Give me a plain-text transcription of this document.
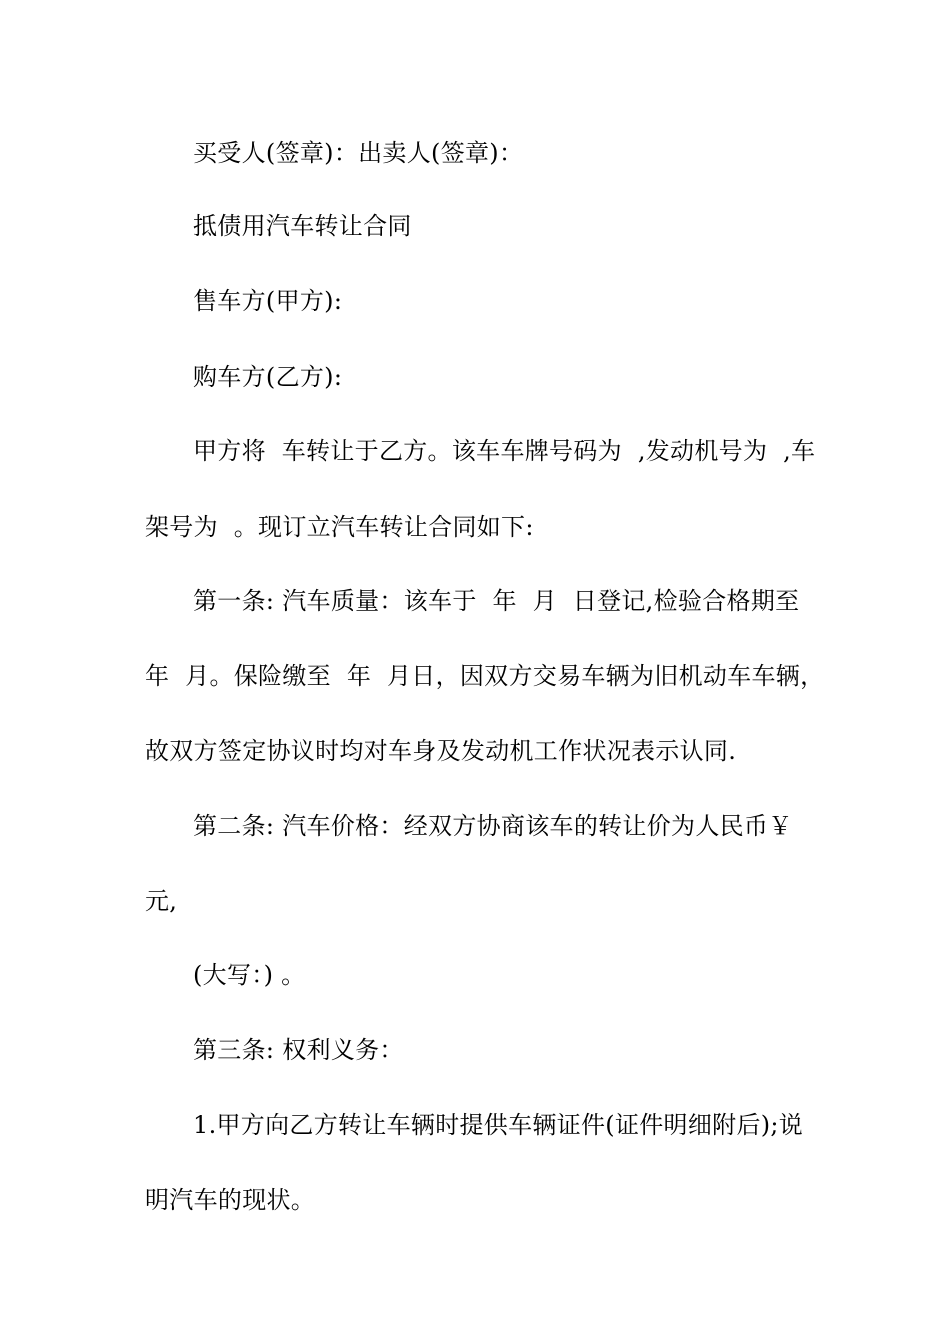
买受人(签章)：出卖人(签章)：
抵债用汽车转让合同
售车方(甲方):
购车方(乙方):
甲方将  车转让于乙方。该车车牌号码为  ,发动机号为  ,车
架号为  。现订立汽车转让合同如下:
第一条: 汽车质量：该车于  年  月  日登记,检验合格期至
年  月。保险缴至  年  月日，因双方交易车辆为旧机动车车辆，
故双方签定协议时均对车身及发动机工作状况表示认同.
第二条: 汽车价格：经双方协商该车的转让价为人民币￥
元,
(大写：) 。
第三条: 权利义务：
1.甲方向乙方转让车辆时提供车辆证件(证件明细附后);说
明汽车的现状。
